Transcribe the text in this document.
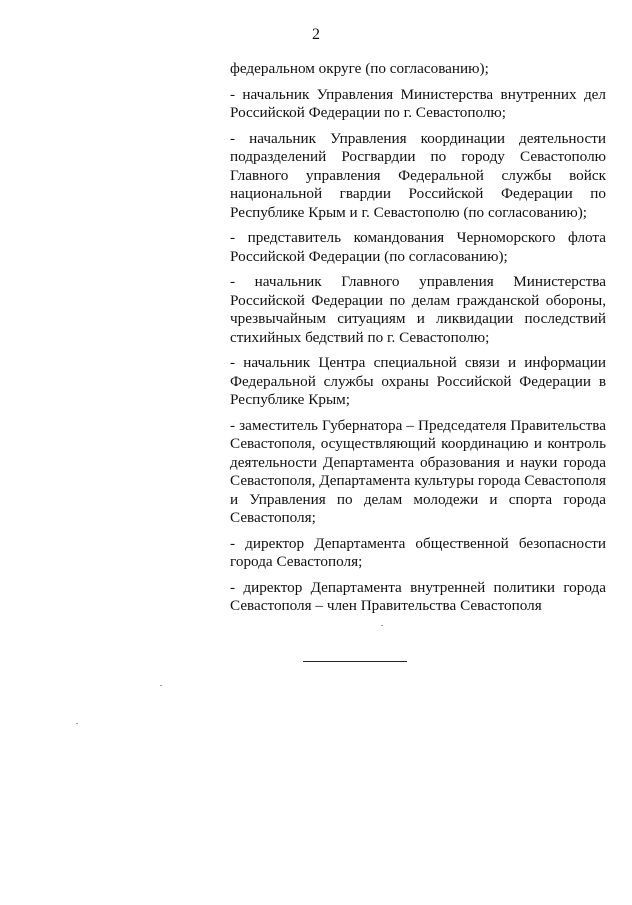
2

федеральном округе (по согласованию);

- начальник Управления Министерства внутренних дел Российской Федерации по г. Севастополю;

- начальник Управления координации деятельности подразделений Росгвардии по городу Севастополю Главного управления Федеральной службы войск национальной гвардии Российской Федерации по Республике Крым и г. Севастополю (по согласованию);

- представитель командования Черноморского флота Российской Федерации (по согласованию);

- начальник Главного управления Министерства Российской Федерации по делам гражданской обороны, чрезвычайным ситуациям и ликвидации последствий стихийных бедствий по г. Севастополю;

- начальник Центра специальной связи и информации Федеральной службы охраны Российской Федерации в Республике Крым;

- заместитель Губернатора – Председателя Правительства Севастополя, осуществляющий координацию и контроль деятельности Департамента образования и науки города Севастополя, Департамента культуры города Севастополя и Управления по делам молодежи и спорта города Севастополя;

- директор Департамента общественной безопасности города Севастополя;

- директор Департамента внутренней политики города Севастополя – член Правительства Севастополя
